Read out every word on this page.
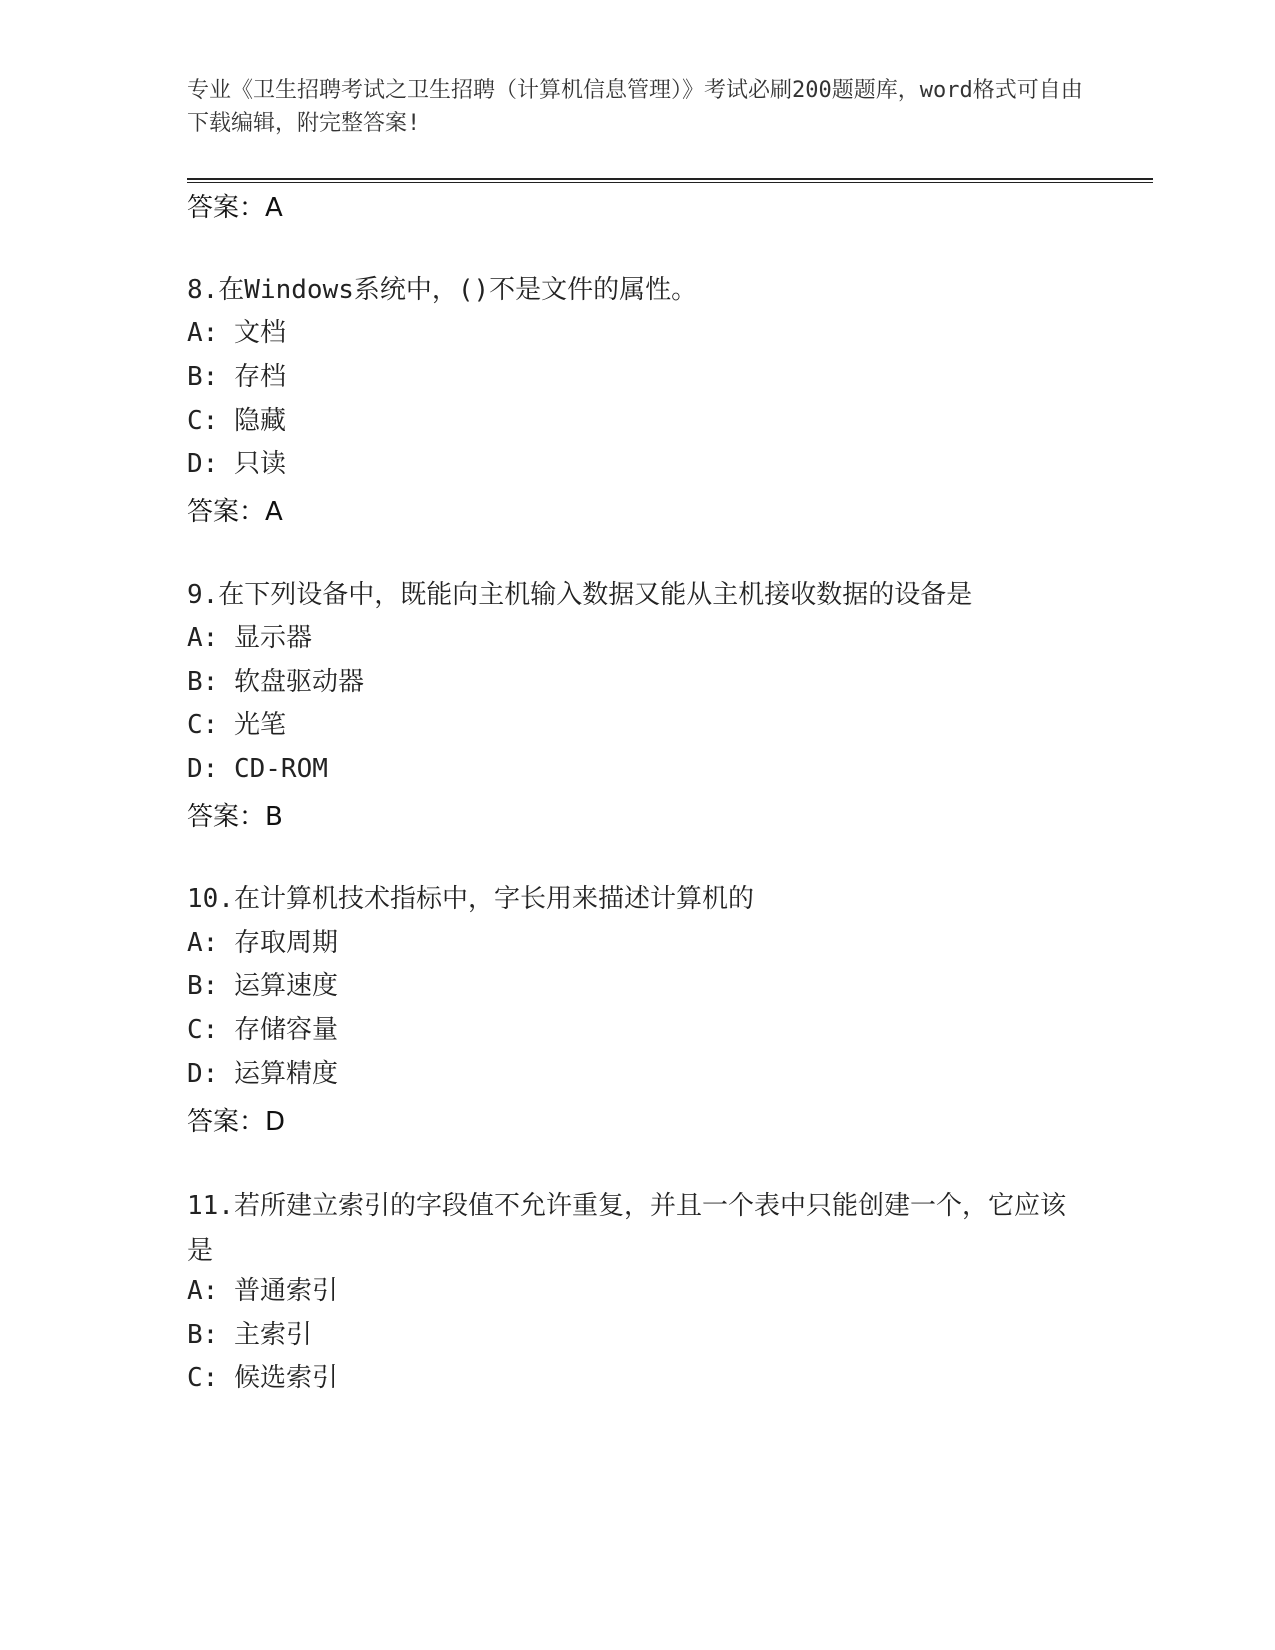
专业《卫生招聘考试之卫生招聘（计算机信息管理）》考试必刷200题题库，word格式可自由下载编辑，附完整答案!
答案：A
8.在Windows系统中，()不是文件的属性。
A: 文档
B: 存档
C: 隐藏
D: 只读
答案：A
9.在下列设备中，既能向主机输入数据又能从主机接收数据的设备是
A: 显示器
B: 软盘驱动器
C: 光笔
D: CD-ROM
答案：B
10.在计算机技术指标中，字长用来描述计算机的
A: 存取周期
B: 运算速度
C: 存储容量
D: 运算精度
答案：D
11.若所建立索引的字段值不允许重复，并且一个表中只能创建一个，它应该是
A: 普通索引
B: 主索引
C: 候选索引
